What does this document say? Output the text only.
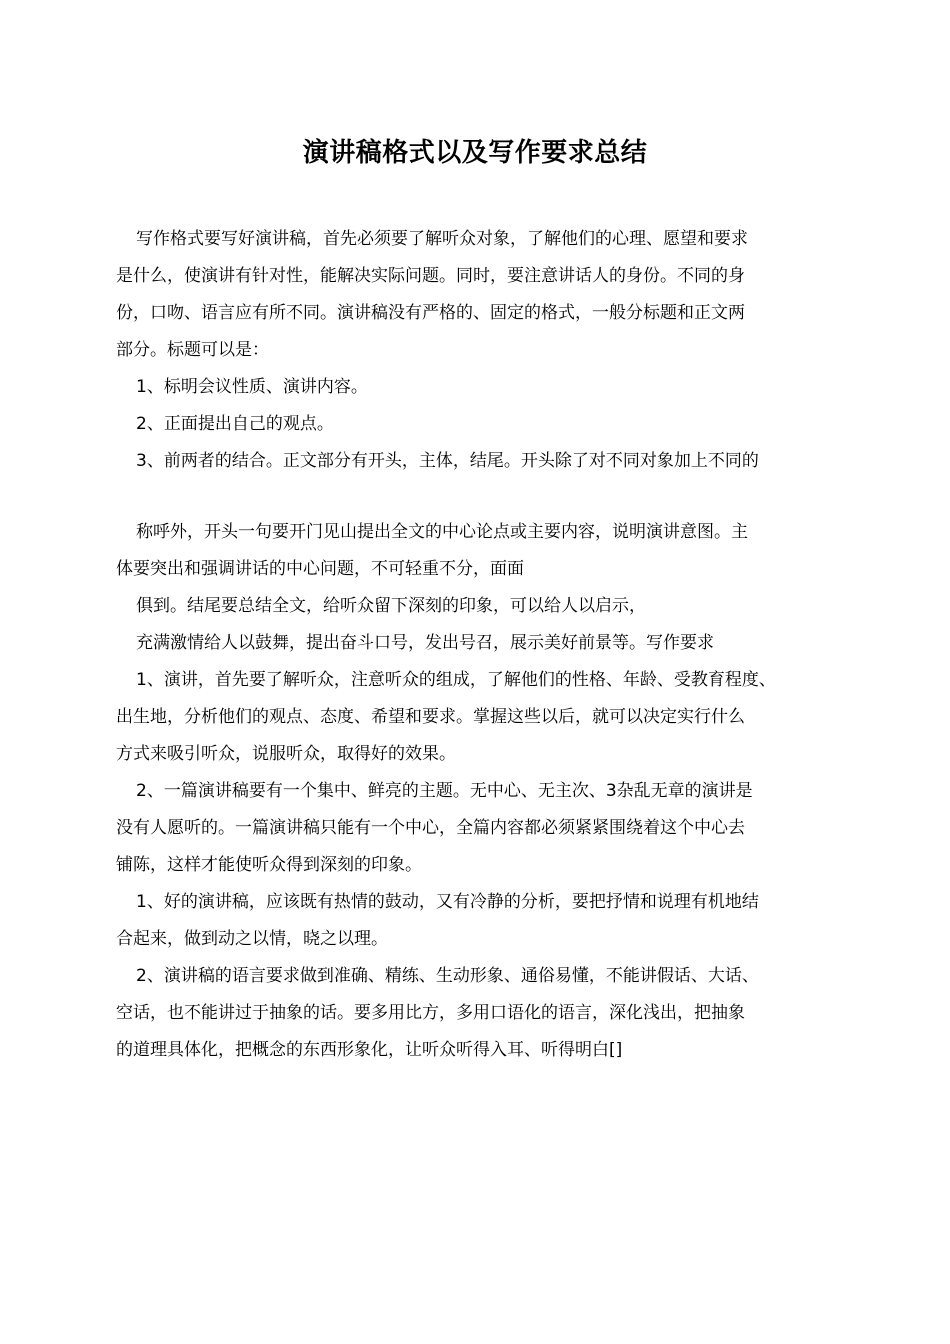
演讲稿格式以及写作要求总结
写作格式要写好演讲稿，首先必须要了解听众对象，了解他们的心理、愿望和要求
是什么，使演讲有针对性，能解决实际问题。同时，要注意讲话人的身份。不同的身
份，口吻、语言应有所不同。演讲稿没有严格的、固定的格式，一般分标题和正文两
部分。标题可以是：
1、标明会议性质、演讲内容。
2、正面提出自己的观点。
3、前两者的结合。正文部分有开头，主体，结尾。开头除了对不同对象加上不同的
称呼外，开头一句要开门见山提出全文的中心论点或主要内容，说明演讲意图。主
体要突出和强调讲话的中心问题，不可轻重不分，面面
俱到。结尾要总结全文，给听众留下深刻的印象，可以给人以启示，
充满激情给人以鼓舞，提出奋斗口号，发出号召，展示美好前景等。写作要求
1、演讲，首先要了解听众，注意听众的组成，了解他们的性格、年龄、受教育程度、
出生地，分析他们的观点、态度、希望和要求。掌握这些以后，就可以决定实行什么
方式来吸引听众，说服听众，取得好的效果。
2、一篇演讲稿要有一个集中、鲜亮的主题。无中心、无主次、3杂乱无章的演讲是
没有人愿听的。一篇演讲稿只能有一个中心，全篇内容都必须紧紧围绕着这个中心去
铺陈，这样才能使听众得到深刻的印象。
1、好的演讲稿，应该既有热情的鼓动，又有冷静的分析，要把抒情和说理有机地结
合起来，做到动之以情，晓之以理。
2、演讲稿的语言要求做到准确、精练、生动形象、通俗易懂，不能讲假话、大话、
空话，也不能讲过于抽象的话。要多用比方，多用口语化的语言，深化浅出，把抽象
的道理具体化，把概念的东西形象化，让听众听得入耳、听得明白[]
